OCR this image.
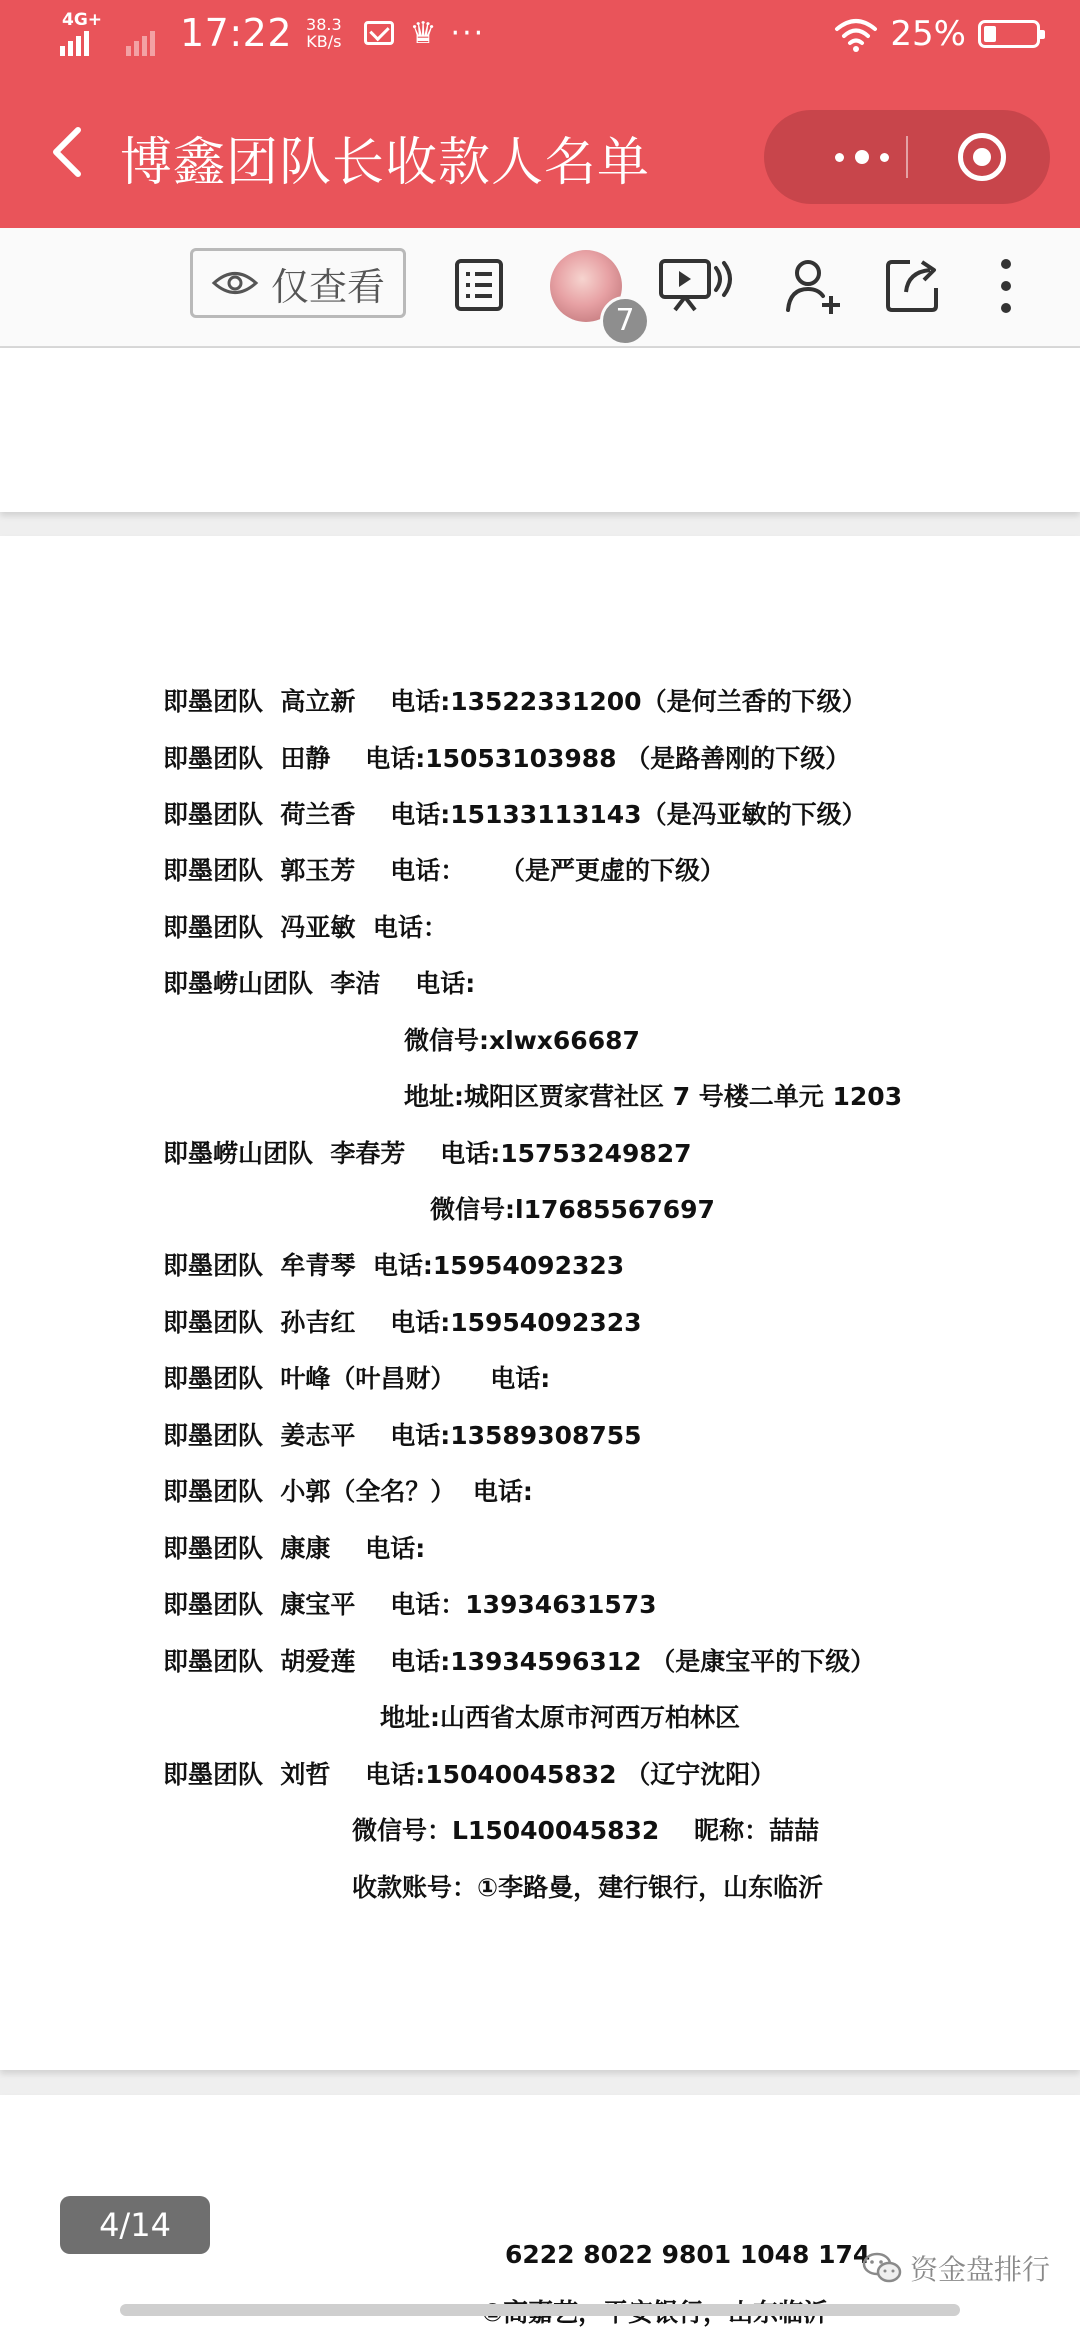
4G+ 17:22 38.3
KB/s ♛ ···	25%
博鑫团队长收款人名单
仅查看
7
即墨团队  高立新    电话:13522331200（是何兰香的下级）
即墨团队  田静    电话:15053103988 （是路善刚的下级）
即墨团队  荷兰香    电话:15133113143（是冯亚敏的下级）
即墨团队  郭玉芳    电话：    （是严更虚的下级）
即墨团队  冯亚敏  电话：
即墨崂山团队  李洁    电话:
微信号:xlwx66687
地址:城阳区贾家营社区 7 号楼二单元 1203
即墨崂山团队  李春芳    电话:15753249827
微信号:l17685567697
即墨团队  牟青琴  电话:15954092323
即墨团队  孙吉红    电话:15954092323
即墨团队  叶峰（叶昌财）    电话:
即墨团队  姜志平    电话:13589308755
即墨团队  小郭（全名？）  电话:
即墨团队  康康    电话:
即墨团队  康宝平    电话：13934631573
即墨团队  胡爱莲    电话:13934596312 （是康宝平的下级）
地址:山西省太原市河西万柏林区
即墨团队  刘哲    电话:15040045832 （辽宁沈阳）
微信号：L15040045832    昵称：喆喆
收款账号：①李路曼，建行银行，山东临沂
6222 8022 9801 1048 174
4/14
资金盘排行
